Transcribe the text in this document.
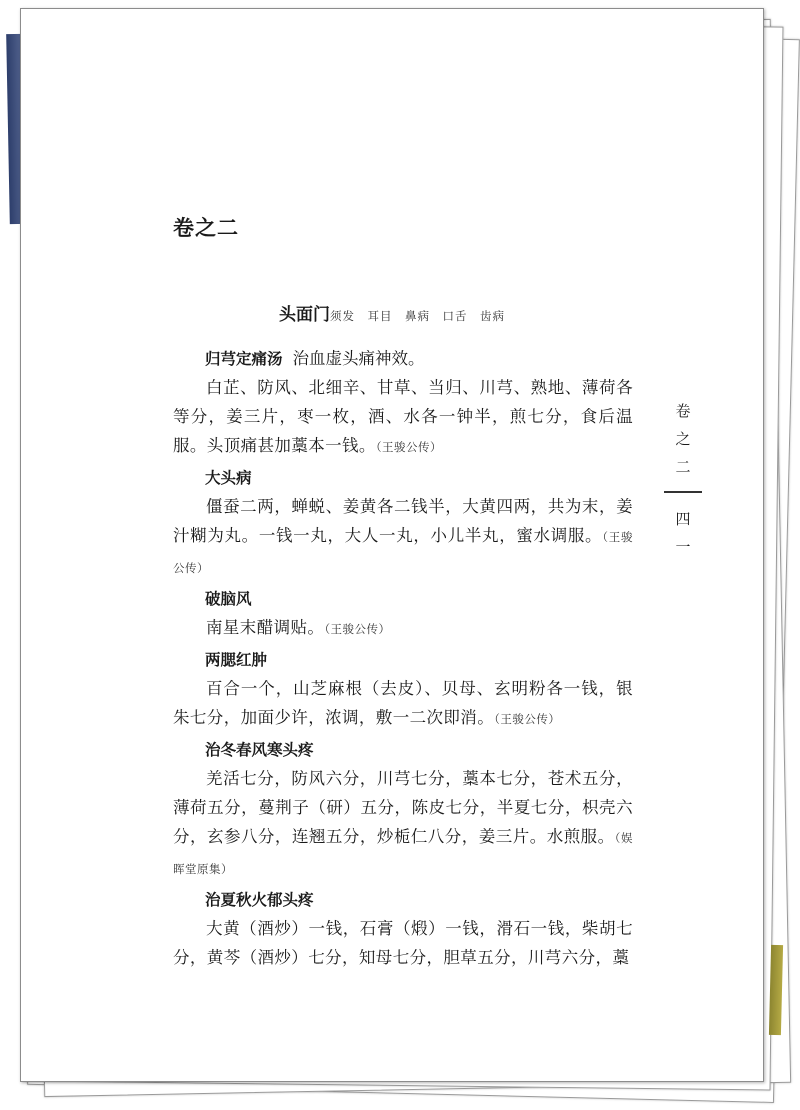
卷之二
头面门须发　耳目　鼻病　口舌　齿病

归芎定痛汤 治血虚头痛神效。

白芷、防风、北细辛、甘草、当归、川芎、熟地、薄荷各等分，姜三片，枣一枚，酒、水各一钟半，煎七分，食后温服。头顶痛甚加藁本一钱。（王骏公传）

大头病

僵蚕二两，蝉蜕、姜黄各二钱半，大黄四两，共为末，姜汁糊为丸。一钱一丸，大人一丸，小儿半丸，蜜水调服。（王骏公传）

破脑风

南星末醋调贴。（王骏公传）

两腮红肿

百合一个，山芝麻根（去皮）、贝母、玄明粉各一钱，银朱七分，加面少许，浓调，敷一二次即消。（王骏公传）

治冬春风寒头疼

羌活七分，防风六分，川芎七分，藁本七分，苍术五分，薄荷五分，蔓荆子（研）五分，陈皮七分，半夏七分，枳壳六分，玄参八分，连翘五分，炒栀仁八分，姜三片。水煎服。（娱晖堂原集）

治夏秋火郁头疼

大黄（酒炒）一钱，石膏（煅）一钱，滑石一钱，柴胡七分，黄芩（酒炒）七分，知母七分，胆草五分，川芎六分，藁

卷
之
二
四
一
